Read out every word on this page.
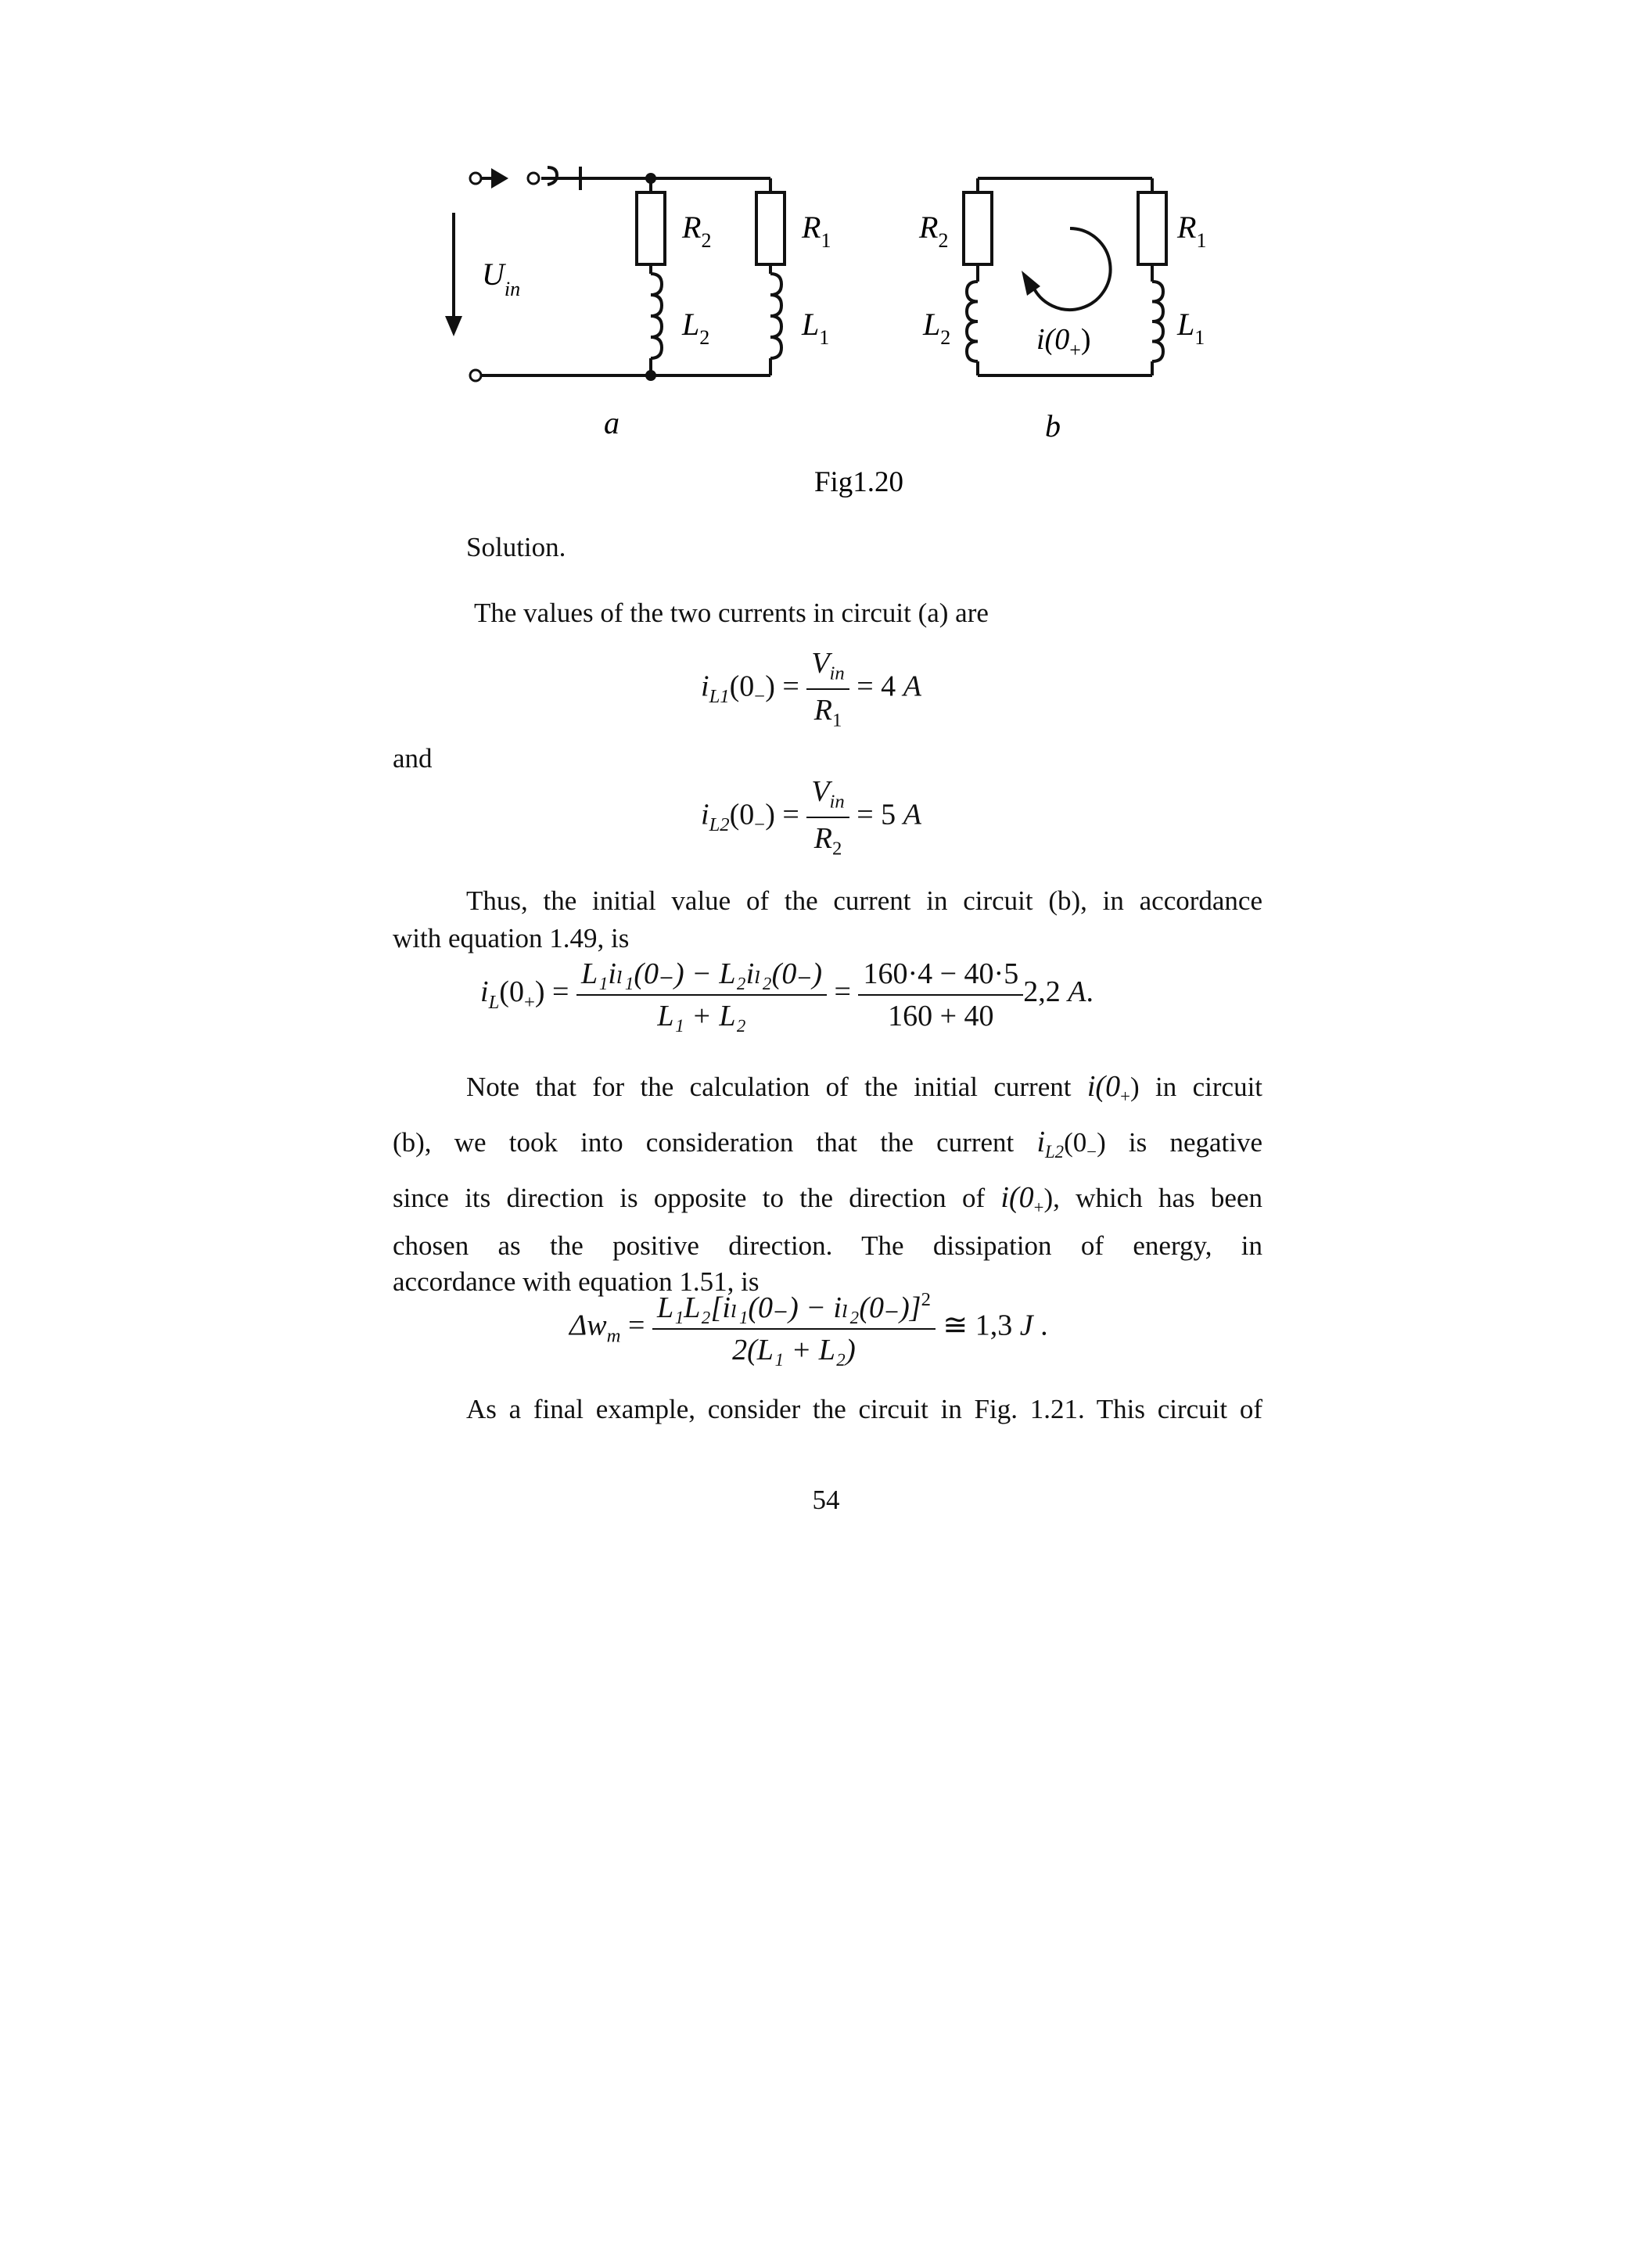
$U_{in}$
$R_2$	$R_1$
$L_2$	$L_1$
a
$R_2$	$R_1$
$L_2$	$L_1$
$i(0_+)$
b
Fig1.20
Solution.
The values of the two currents in circuit (a) are
$i_{L1}(0_-) = \frac{V_{in}}{R_1} = 4$ A
and
$i_{L2}(0_-) = \frac{V_{in}}{R_2} = 5$ A
Thus, the initial value of the current in circuit (b), in accordance
with equation 1.49, is
$i_L(0_+) = \frac{\text{L₁iₗ₁(0₋) − L₂iₗ₂(0₋)}}{\text{L₁ + L₂}} = \frac{160\cdot 4 - 40\cdot 5}{160 + 40} 2,2$ A.
Note that for the calculation of the initial current $i(0_+)$ in circuit
(b), we took into consideration that the current $i_{L2}(0_-)$ is negative
since its direction is opposite to the direction of $i(0_+)$, which has been
chosen as the positive direction. The dissipation of energy, in
accordance with equation 1.51, is
$\Delta w_m = \frac{L_1L_2[i_{l1}(0_-) - i_{l2}(0_-)]^2}{\text{2(L₁ + L₂)}}$ ≅ 1,3 J .
As a final example, consider the circuit in Fig. 1.21. This circuit of
54
